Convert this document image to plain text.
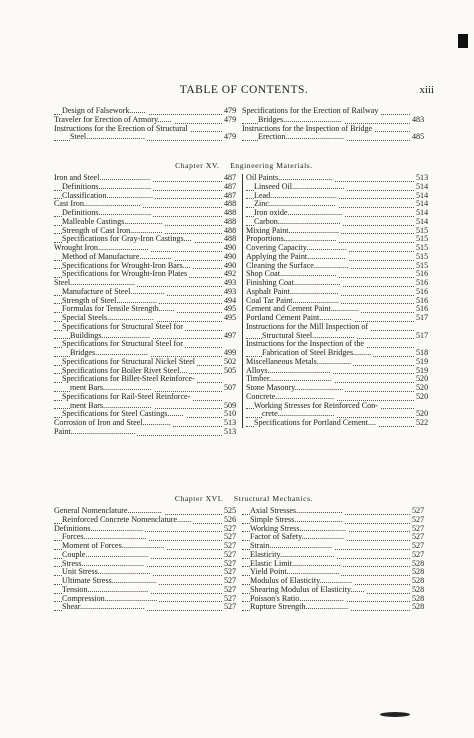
TABLE OF CONTENTS.	xiii
Design of Falsework........	479
Traveler for Erection of Armory.......	479
Instructions for the Erection of Structural
Steel.............................	479
Specifications for the Erection of Railway
Bridges.............................	483
Instructions for the Inspection of Bridge
Erection.............................	485
Chapter XV. Engineering Materials.
Iron and Steel.........................	487
Definitions..........................	487
Classification.......................	487
Cast Iron............................	488
Definitions..........................	488
Malleable Castings...................	488
Strength of Cast Iron................	488
Specifications for Gray-Iron Castings....	488
Wrought Iron.........................	490
Method of Manufacture................	490
Specifications for Wrought-Iron Bars....	490
Specifications for Wrought-Iron Plates	492
Steel................................	493
Manufacture of Steel.................	493
Strength of Steel....................	494
Formulas for Tensile Strength........	495
Special Steels.......................	495
Specifications for Structural Steel for
Buildings........................	497
Specifications for Structural Steel for
Bridges..........................	499
Specifications for Structural Nickel Steel	502
Specifications for Boiler Rivet Steel....	505
Specifications for Billet-Steel Reinforce-
ment Bars........................	507
Specifications for Rail-Steel Reinforce-
ment Bars........................	509
Specifications for Steel Castings........	510
Corrosion of Iron and Steel..............	513
Paint................................	513
Oil Paints...........................	513
Linseed Oil..........................	514
Lead.................................	514
Zinc.................................	514
Iron oxide...........................	514
Carbon...............................	514
Mixing Paint.........................	515
Proportions..........................	515
Covering Capacity....................	515
Applying the Paint...................	515
Cleaning the Surface.................	515
Shop Coat............................	516
Finishing Coat.......................	516
Asphalt Paint........................	516
Coal Tar Paint.......................	516
Cement and Cement Paint..............	516
Portland Cement Paint................	517
Instructions for the Mill Inspection of
Structural Steel.....................	517
Instructions for the Inspection of the
Fabrication of Steel Bridges.........	518
Miscellaneous Metals.................	519
Alloys...............................	519
Timber...............................	520
Stone Masonry........................	520
Concrete.............................	520
Working Stresses for Reinforced Con-
crete............................	520
Specifications for Portland Cement....	522
Chapter XVI. Structural Mechanics.
General Nomenclature.................	525
Reinforced Concrete Nomenclature.......	526
Definitions..........................	527
Forces...............................	527
Moment of Forces.....................	527
Couple...............................	527
Stress...............................	527
Unit Stress..........................	527
Ultimate Stress......................	527
Tension..............................	527
Compression..........................	527
Shear................................	527
Axial Stresses.......................	527
Simple Stress........................	527
Working Stress.......................	527
Factor of Safety.....................	527
Strain...............................	527
Elasticity...........................	527
Elastic Limit........................	528
Yield Point..........................	528
Modulus of Elasticity................	528
Shearing Modulus of Elasticity.......	528
Poisson's Ratio......................	528
Rupture Strength.....................	528
